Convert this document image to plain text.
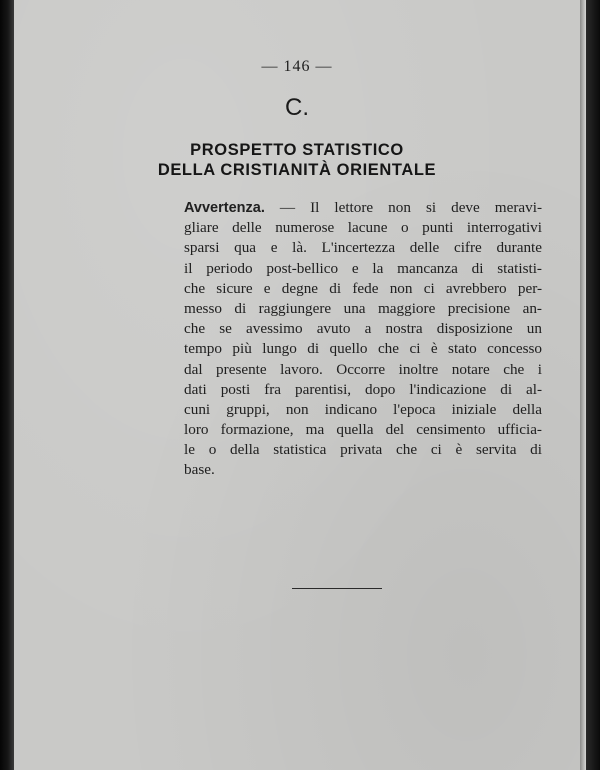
— 146 —
C.
PROSPETTO STATISTICO
DELLA CRISTIANITÀ ORIENTALE
Avvertenza. — Il lettore non si deve meravi-
gliare delle numerose lacune o punti interrogativi
sparsi qua e là. L'incertezza delle cifre durante
il periodo post-bellico e la mancanza di statisti-
che sicure e degne di fede non ci avrebbero per-
messo di raggiungere una maggiore precisione an-
che se avessimo avuto a nostra disposizione un
tempo più lungo di quello che ci è stato concesso
dal presente lavoro. Occorre inoltre notare che i
dati posti fra parentisi, dopo l'indicazione di al-
cuni gruppi, non indicano l'epoca iniziale della
loro formazione, ma quella del censimento ufficia-
le o della statistica privata che ci è servita di
base.
